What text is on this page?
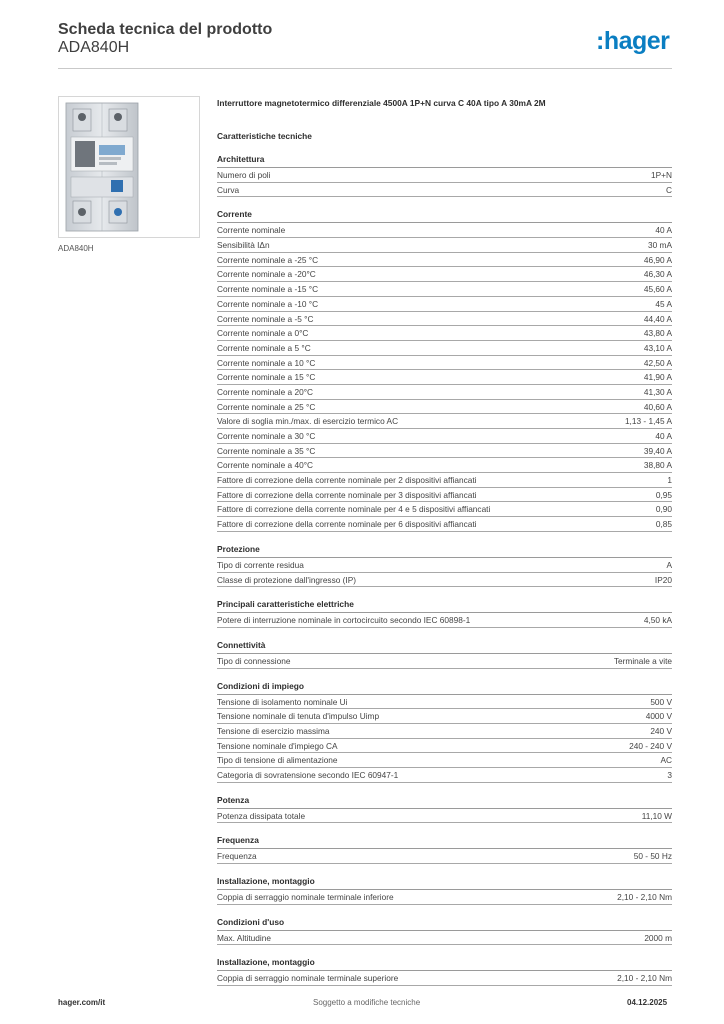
Scheda tecnica del prodotto
ADA840H	:hager
ADA840H
Interruttore magnetotermico differenziale 4500A 1P+N curva C 40A tipo A 30mA 2M
Caratteristiche tecniche
Architettura
Numero di poli	1P+N
Curva	C
Corrente
Corrente nominale	40 A
Sensibilità IΔn	30 mA
Corrente nominale a -25 °C	46,90 A
Corrente nominale a -20°C	46,30 A
Corrente nominale a -15 °C	45,60 A
Corrente nominale a -10 °C	45 A
Corrente nominale a -5 °C	44,40 A
Corrente nominale a 0°C	43,80 A
Corrente nominale a 5 °C	43,10 A
Corrente nominale a 10 °C	42,50 A
Corrente nominale a 15 °C	41,90 A
Corrente nominale a 20°C	41,30 A
Corrente nominale a 25 °C	40,60 A
Valore di soglia min./max. di esercizio termico AC	1,13 - 1,45 A
Corrente nominale a 30 °C	40 A
Corrente nominale a 35 °C	39,40 A
Corrente nominale a 40°C	38,80 A
Fattore di correzione della corrente nominale per 2 dispositivi affiancati	1
Fattore di correzione della corrente nominale per 3 dispositivi affiancati	0,95
Fattore di correzione della corrente nominale per 4 e 5 dispositivi affiancati	0,90
Fattore di correzione della corrente nominale per 6 dispositivi affiancati	0,85
Protezione
Tipo di corrente residua	A
Classe di protezione dall'ingresso (IP)	IP20
Principali caratteristiche elettriche
Potere di interruzione nominale in cortocircuito secondo IEC 60898-1	4,50 kA
Connettività
Tipo di connessione	Terminale a vite
Condizioni di impiego
Tensione di isolamento nominale Ui	500 V
Tensione nominale di tenuta d'impulso Uimp	4000 V
Tensione di esercizio massima	240 V
Tensione nominale d'impiego CA	240 - 240 V
Tipo di tensione di alimentazione	AC
Categoria di sovratensione secondo IEC 60947-1	3
Potenza
Potenza dissipata totale	11,10 W
Frequenza
Frequenza	50 - 50 Hz
Installazione, montaggio
Coppia di serraggio nominale terminale inferiore	2,10 - 2,10 Nm
Condizioni d'uso
Max. Altitudine	2000 m
Installazione, montaggio
Coppia di serraggio nominale terminale superiore	2,10 - 2,10 Nm
hager.com/it	Soggetto a modifiche tecniche	04.12.2025
